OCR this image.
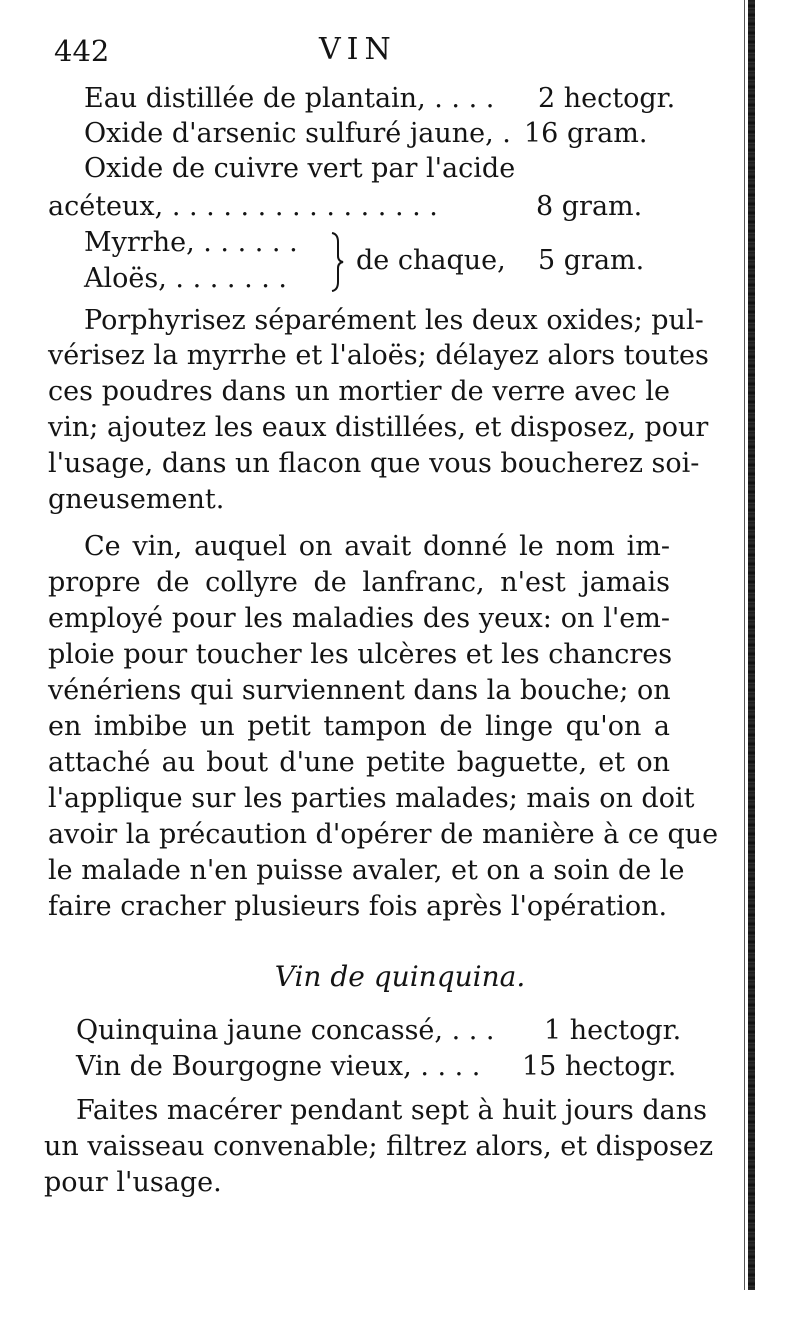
442	VIN
Eau distillée de plantain, . . . . 2 hectogr.
Oxide d'arsenic sulfuré jaune, . 16 gram.
Oxide de cuivre vert par l'acide
acéteux, . . . . . . . . . . . . . . . .	8 gram.
Myrrhe, . . . . . .
Aloës, . . . . . . .
de chaque, 5 gram.
Porphyrisez séparément les deux oxides; pul-
vérisez la myrrhe et l'aloës; délayez alors toutes
ces poudres dans un mortier de verre avec le
vin; ajoutez les eaux distillées, et disposez, pour
l'usage, dans un flacon que vous boucherez soi-
gneusement.
Ce vin, auquel on avait donné le nom im-
propre de collyre de lanfranc, n'est jamais
employé pour les maladies des yeux: on l'em-
ploie pour toucher les ulcères et les chancres
vénériens qui surviennent dans la bouche; on
en imbibe un petit tampon de linge qu'on a
attaché au bout d'une petite baguette, et on
l'applique sur les parties malades; mais on doit
avoir la précaution d'opérer de manière à ce que
le malade n'en puisse avaler, et on a soin de le
faire cracher plusieurs fois après l'opération.
Vin de quinquina.
Quinquina jaune concassé, . . . 1 hectogr.
Vin de Bourgogne vieux, . . . . 15 hectogr.
Faites macérer pendant sept à huit jours dans
un vaisseau convenable; filtrez alors, et disposez
pour l'usage.
